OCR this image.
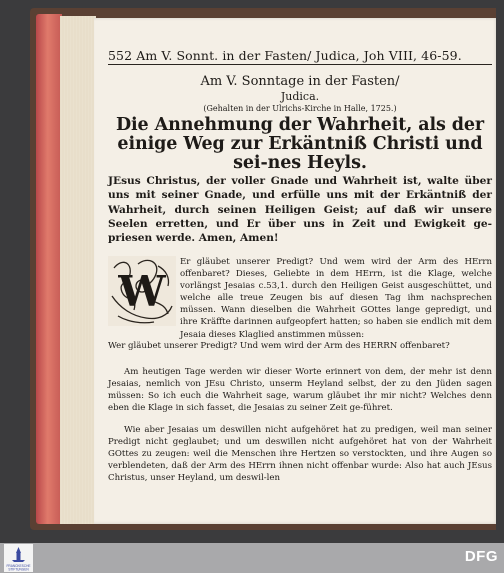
552 Am V. Sonnt. in der Fasten/ Judica, Joh VIII, 46-59.
Am V. Sonntage in der Fasten/
Judica.
(Gehalten in der Ulrichs-Kirche in Halle, 1725.)
Die Annehmung der Wahrheit, als der einige Weg zur Erkäntniß Christi und sei-nes Heyls.
JEsus Christus, der voller Gnade und Wahrheit ist, walte über uns mit seiner Gnade, und erfülle uns mit der Erkäntniß der Wahrheit, durch seinen Heiligen Geist; auf daß wir unsere Seelen erretten, und Er über uns in Zeit und Ewigkeit ge-priesen werde. Amen, Amen!
W
Er gläubet unserer Predigt? Und wem wird der Arm des HErrn offenbaret? Dieses, Geliebte in dem HErrn, ist die Klage, welche vorlängst Jesaias c.53,1. durch den Heiligen Geist ausgeschüttet, und welche alle treue Zeugen bis auf diesen Tag ihm nachsprechen müssen. Wann dieselben die Wahrheit GOttes lange gepredigt, und ihre Kräffte darinnen aufgeopfert hatten; so haben sie endlich mit dem Jesaia dieses Klaglied anstimmen müssen:
Wer gläubet unserer Predigt? Und wem wird der Arm des HERRN offenbaret?
Am heutigen Tage werden wir dieser Worte erinnert von dem, der mehr ist denn Jesaias, nemlich von JEsu Christo, unserm Heyland selbst, der zu den Jüden sagen müssen: So ich euch die Wahrheit sage, warum gläubet ihr mir nicht? Welches denn eben die Klage in sich fasset, die Jesaias zu seiner Zeit ge-führet.
Wie aber Jesaias um deswillen nicht aufgehöret hat zu predigen, weil man seiner Predigt nicht geglaubet; und um deswillen nicht aufgehöret hat von der Wahrheit GOttes zu zeugen: weil die Menschen ihre Hertzen so verstockten, und ihre Augen so verblendeten, daß der Arm des HErrn ihnen nicht offenbar wurde: Also hat auch JEsus Christus, unser Heyland, um deswil-len
FRANCKESCHE
STIFTUNGEN
DFG
